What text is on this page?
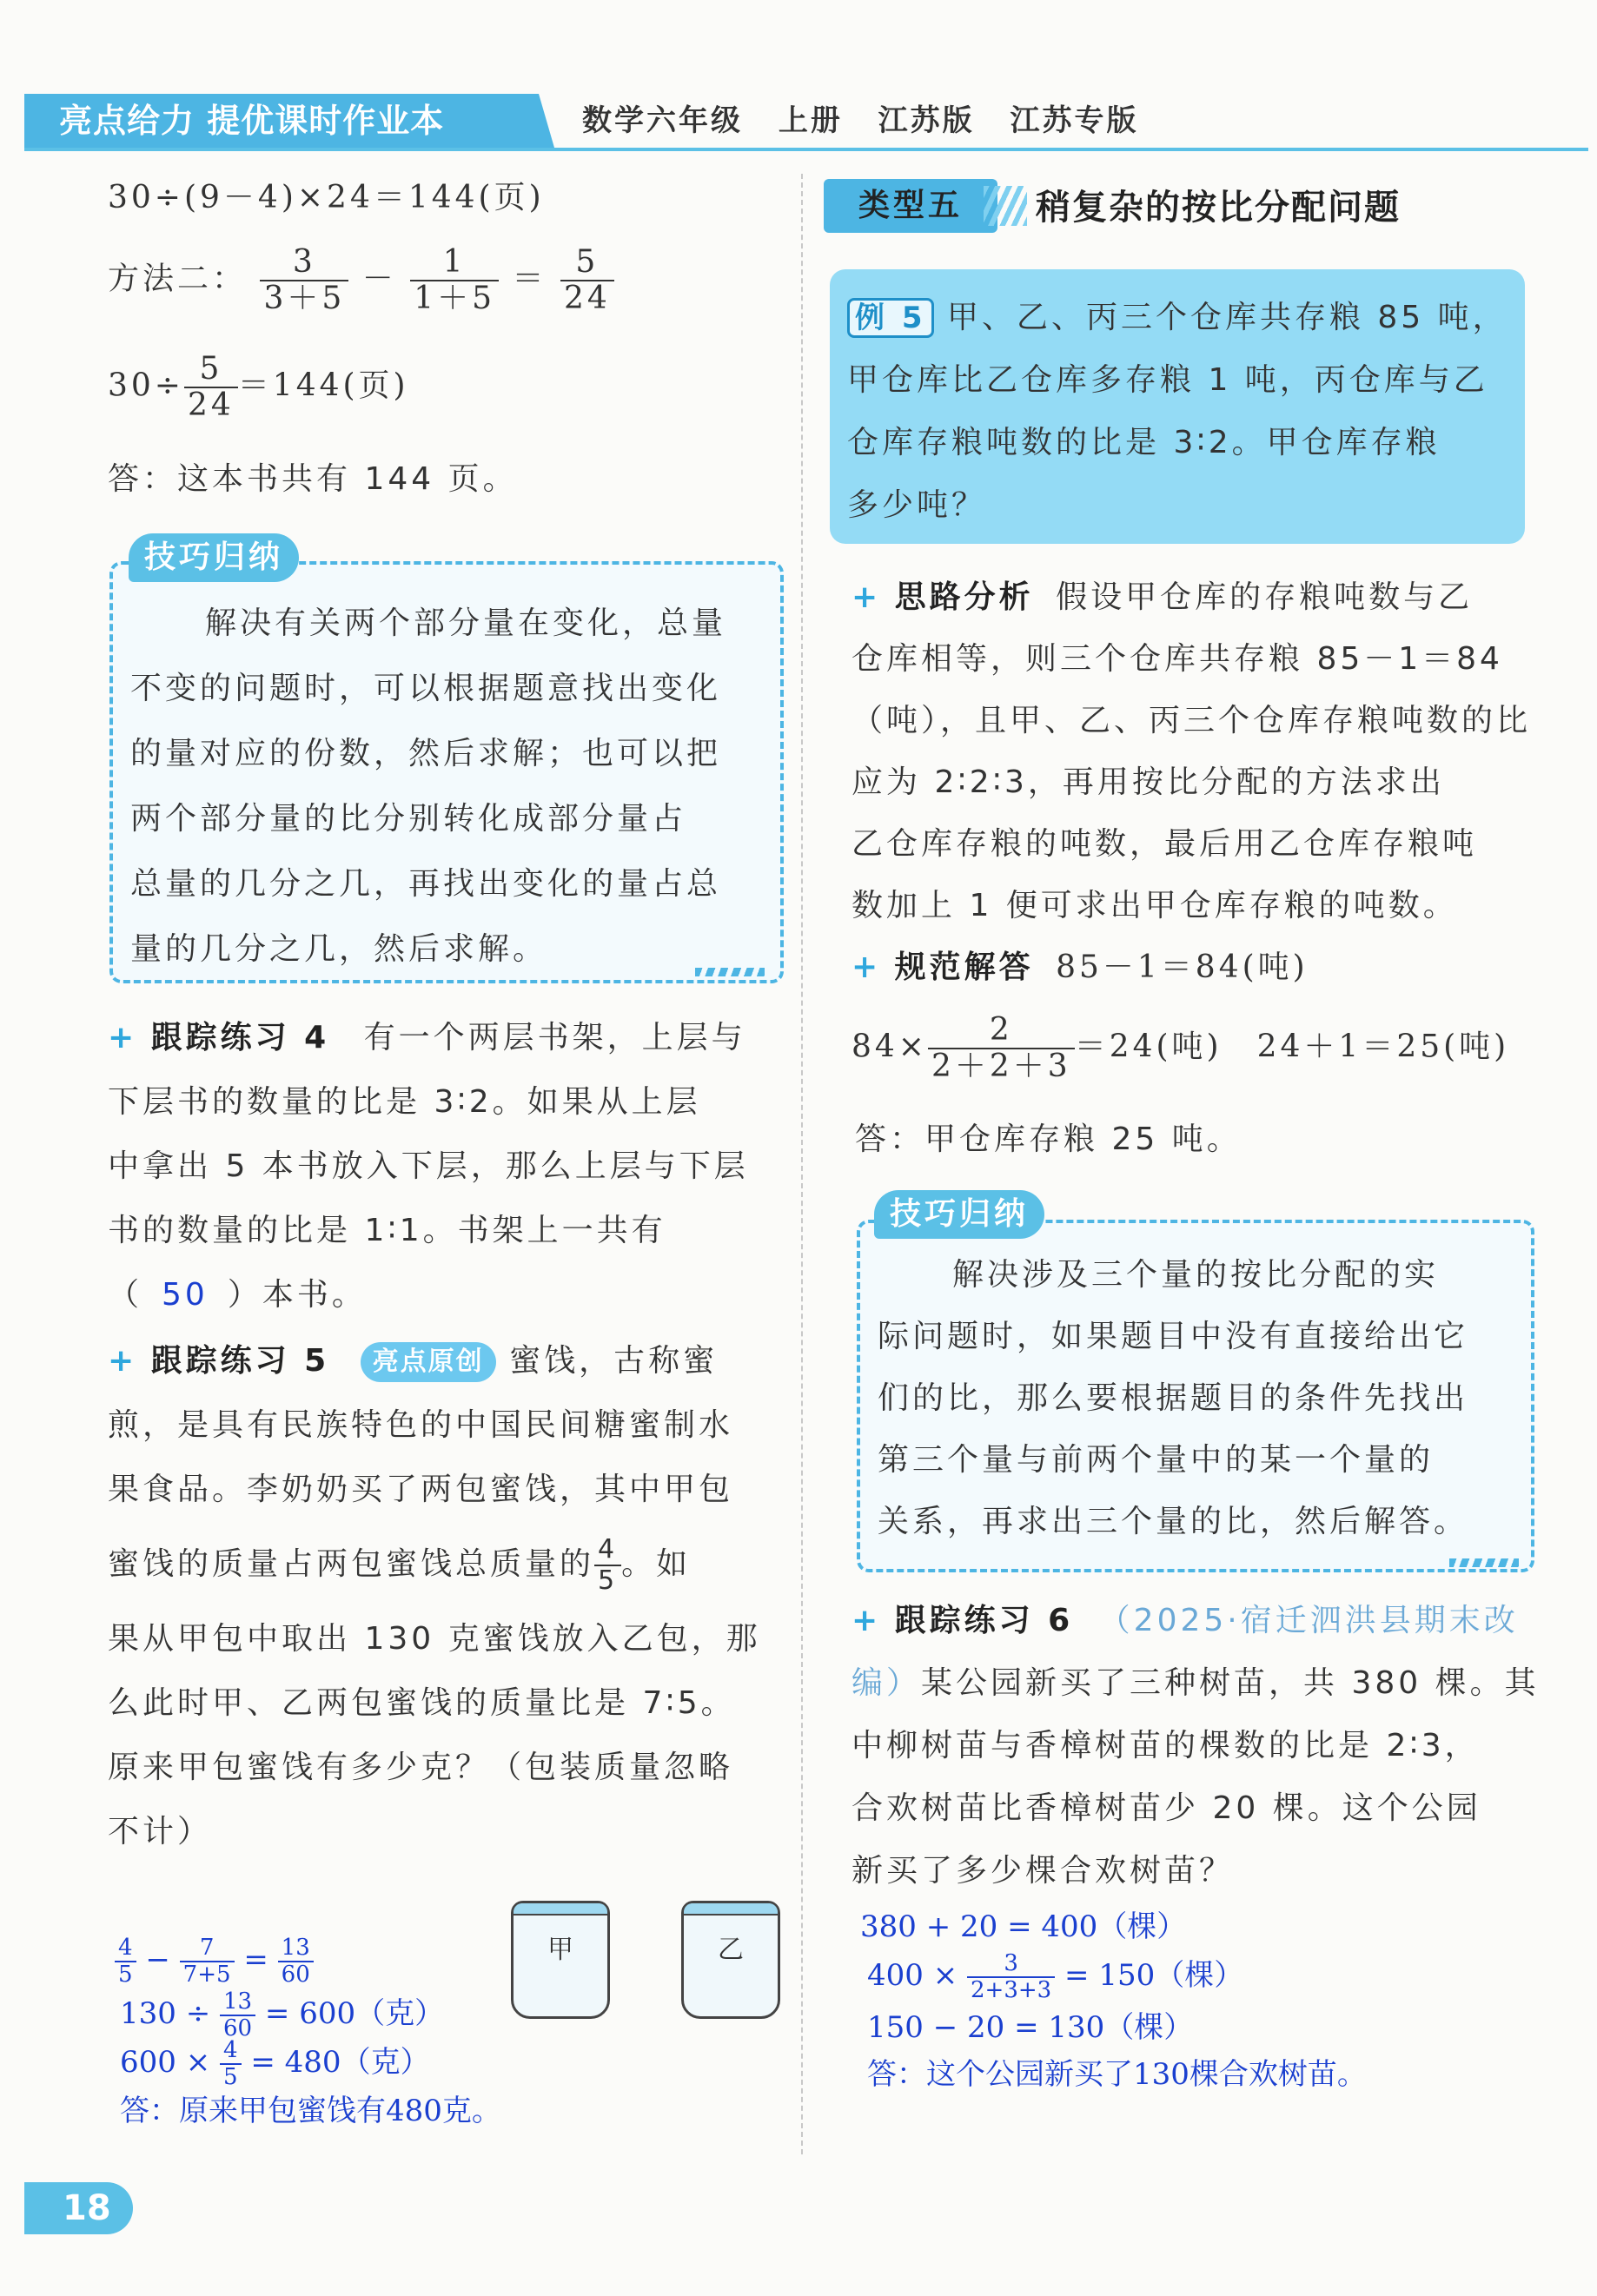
亮点给力 提优课时作业本	数学六年级 上册 江苏版 江苏专版
30÷(9－4)×24＝144(页)
方法二： $\frac{3}{3+5} - \frac{1}{1+5} = \frac{5}{24}$
$30\div \frac{5}{24} =144$(页)
答：这本书共有 144 页。
技巧归纳
解决有关两个部分量在变化，总量
不变的问题时，可以根据题意找出变化
的量对应的份数，然后求解；也可以把
两个部分量的比分别转化成部分量占
总量的几分之几，再找出变化的量占总
量的几分之几，然后求解。
+ 跟踪练习 4 有一个两层书架，上层与
下层书的数量的比是 3∶2。如果从上层
中拿出 5 本书放入下层，那么上层与下层
书的数量的比是 1∶1。书架上一共有
（ 50 ）本书。
+ 跟踪练习 5 亮点原创 蜜饯，古称蜜
煎，是具有民族特色的中国民间糖蜜制水
果食品。李奶奶买了两包蜜饯，其中甲包
蜜饯的质量占两包蜜饯总质量的 $\frac{4}{5}$ 。如
果从甲包中取出 130 克蜜饯放入乙包，那
么此时甲、乙两包蜜饯的质量比是 7∶5。
原来甲包蜜饯有多少克？（包装质量忽略
不计）
甲	乙
$\frac{4}{5} - \frac{7}{7+5} = \frac{13}{60}$
$130 \div \frac{13}{60} = 600$（克）
$600 \times \frac{4}{5} = 480$（克）
答：原来甲包蜜饯有480克。
类型五	稍复杂的按比分配问题
例 5 甲、乙、丙三个仓库共存粮 85 吨，
甲仓库比乙仓库多存粮 1 吨，丙仓库与乙
仓库存粮吨数的比是 3∶2。甲仓库存粮
多少吨？
+ 思路分析 假设甲仓库的存粮吨数与乙
仓库相等，则三个仓库共存粮 85－1＝84
（吨），且甲、乙、丙三个仓库存粮吨数的比
应为 2∶2∶3，再用按比分配的方法求出
乙仓库存粮的吨数，最后用乙仓库存粮吨
数加上 1 便可求出甲仓库存粮的吨数。
+ 规范解答 85－1＝84(吨)
$84\times \frac{2}{2+2+3} =24$(吨)　24＋1＝25(吨)
答：甲仓库存粮 25 吨。
技巧归纳
解决涉及三个量的按比分配的实
际问题时，如果题目中没有直接给出它
们的比，那么要根据题目的条件先找出
第三个量与前两个量中的某一个量的
关系，再求出三个量的比，然后解答。
+ 跟踪练习 6 （2025·宿迁泗洪县期末改
编）某公园新买了三种树苗，共 380 棵。其
中柳树苗与香樟树苗的棵数的比是 2∶3，
合欢树苗比香樟树苗少 20 棵。这个公园
新买了多少棵合欢树苗？
380 + 20 = 400（棵）
$400 \times \frac{3}{2+3+3} = 150$（棵）
150 − 20 = 130（棵）
答：这个公园新买了130棵合欢树苗。
18
